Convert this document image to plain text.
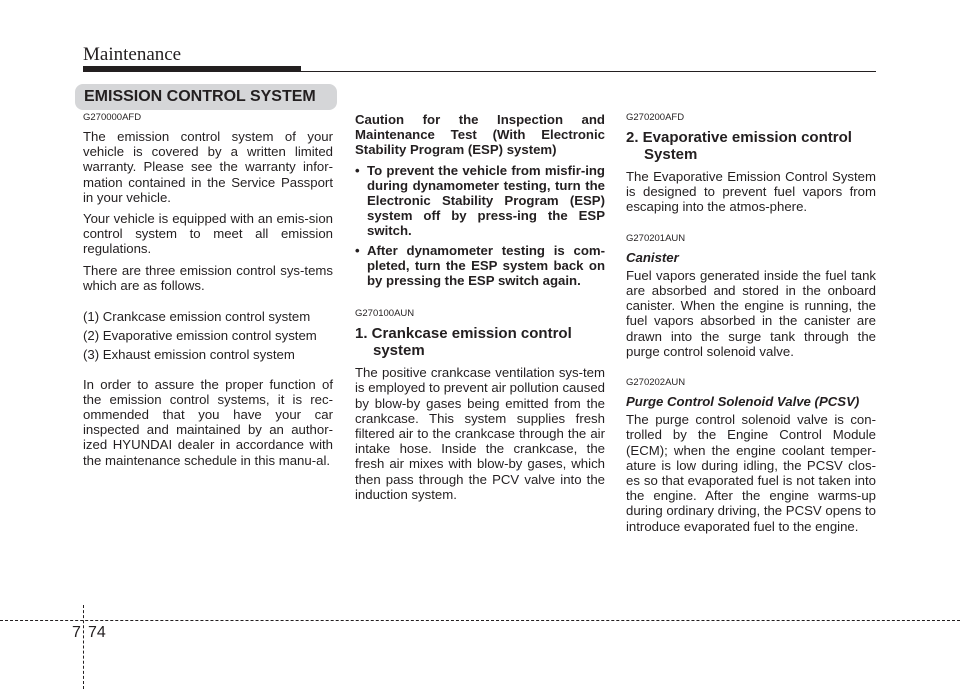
Maintenance
EMISSION CONTROL SYSTEM
G270000AFD

The emission control system of your vehicle is covered by a written limited warranty. Please see the warranty infor-mation contained in the Service Passport in your vehicle.

Your vehicle is equipped with an emis-sion control system to meet all emission regulations.

There are three emission control sys-tems which are as follows.

(1) Crankcase emission control system
(2) Evaporative emission control system
(3) Exhaust emission control system

In order to assure the proper function of the emission control systems, it is rec-ommended that you have your car inspected and maintained by an author-ized HYUNDAI dealer in accordance with the maintenance schedule in this manu-al.

Caution for the Inspection and Maintenance Test (With Electronic Stability Program (ESP) system)
• To prevent the vehicle from misfir-ing during dynamometer testing, turn the Electronic Stability Program (ESP) system off by press-ing the ESP switch.
• After dynamometer testing is com-pleted, turn the ESP system back on by pressing the ESP switch again.
G270100AUN
1. Crankcase emission control
system

The positive crankcase ventilation sys-tem is employed to prevent air pollution caused by blow-by gases being emitted from the crankcase. This system supplies fresh filtered air to the crankcase through the air intake hose. Inside the crankcase, the fresh air mixes with blow-by gases, which then pass through the PCV valve into the induction system.

G270200AFD
2. Evaporative emission control
System

The Evaporative Emission Control System is designed to prevent fuel vapors from escaping into the atmos-phere.

G270201AUN
Canister

Fuel vapors generated inside the fuel tank are absorbed and stored in the onboard canister. When the engine is running, the fuel vapors absorbed in the canister are drawn into the surge tank through the purge control solenoid valve.

G270202AUN
Purge Control Solenoid Valve (PCSV)

The purge control solenoid valve is con-trolled by the Engine Control Module (ECM); when the engine coolant temper-ature is low during idling, the PCSV clos-es so that evaporated fuel is not taken into the engine. After the engine warms-up during ordinary driving, the PCSV opens to introduce evaporated fuel to the engine.

7 74
